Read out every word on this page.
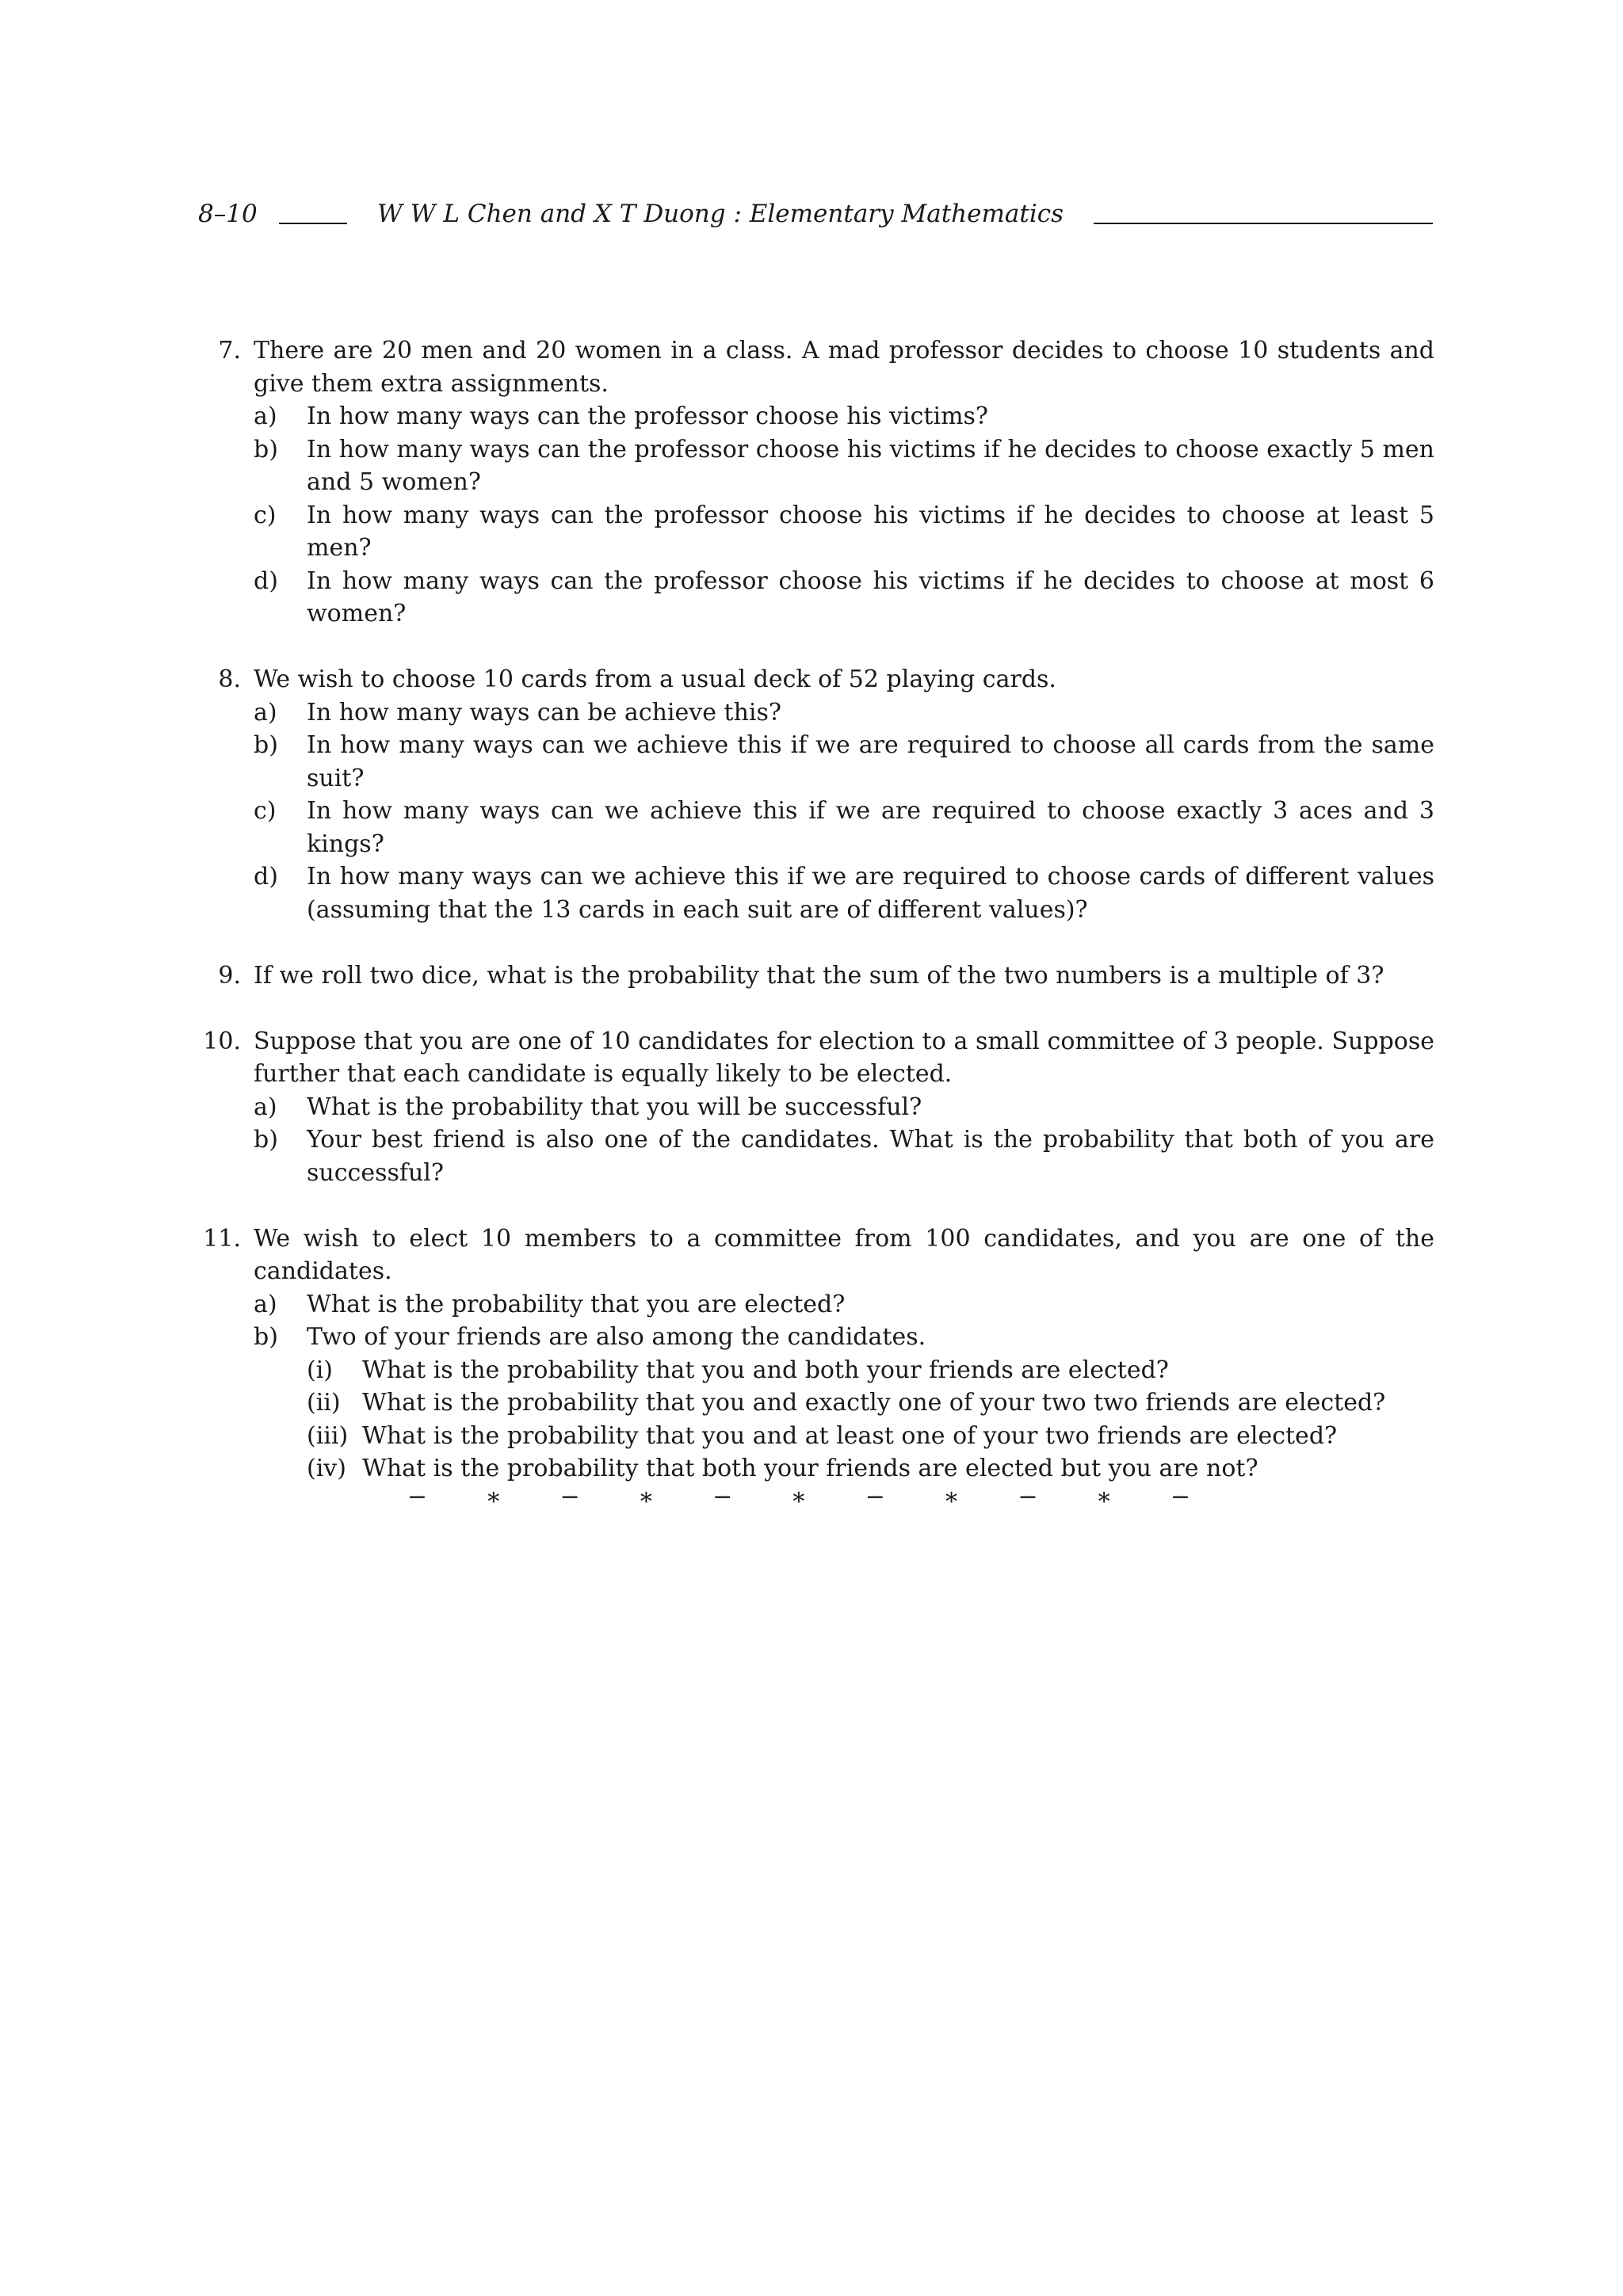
8–10	W W L Chen and X T Duong : Elementary Mathematics
7. There are 20 men and 20 women in a class. A mad professor decides to choose 10 students and give them extra assignments.
a)	In how many ways can the professor choose his victims?
b)	In how many ways can the professor choose his victims if he decides to choose exactly 5 men and 5 women?
c)	In how many ways can the professor choose his victims if he decides to choose at least 5 men?
d)	In how many ways can the professor choose his victims if he decides to choose at most 6 women?
8. We wish to choose 10 cards from a usual deck of 52 playing cards.
a)	In how many ways can be achieve this?
b)	In how many ways can we achieve this if we are required to choose all cards from the same suit?
c)	In how many ways can we achieve this if we are required to choose exactly 3 aces and 3 kings?
d)	In how many ways can we achieve this if we are required to choose cards of different values (assuming that the 13 cards in each suit are of different values)?
9. If we roll two dice, what is the probability that the sum of the two numbers is a multiple of 3?
10. Suppose that you are one of 10 candidates for election to a small committee of 3 people. Suppose further that each candidate is equally likely to be elected.
a)	What is the probability that you will be successful?
b)	Your best friend is also one of the candidates. What is the probability that both of you are successful?
11. We wish to elect 10 members to a committee from 100 candidates, and you are one of the candidates.
a)	What is the probability that you are elected?
b)	Two of your friends are also among the candidates.
(i)	What is the probability that you and both your friends are elected?
(ii) What is the probability that you and exactly one of your two two friends are elected?
(iii) What is the probability that you and at least one of your two friends are elected?
(iv) What is the probability that both your friends are elected but you are not?
− ∗ − ∗ − ∗ − ∗ − ∗ −
